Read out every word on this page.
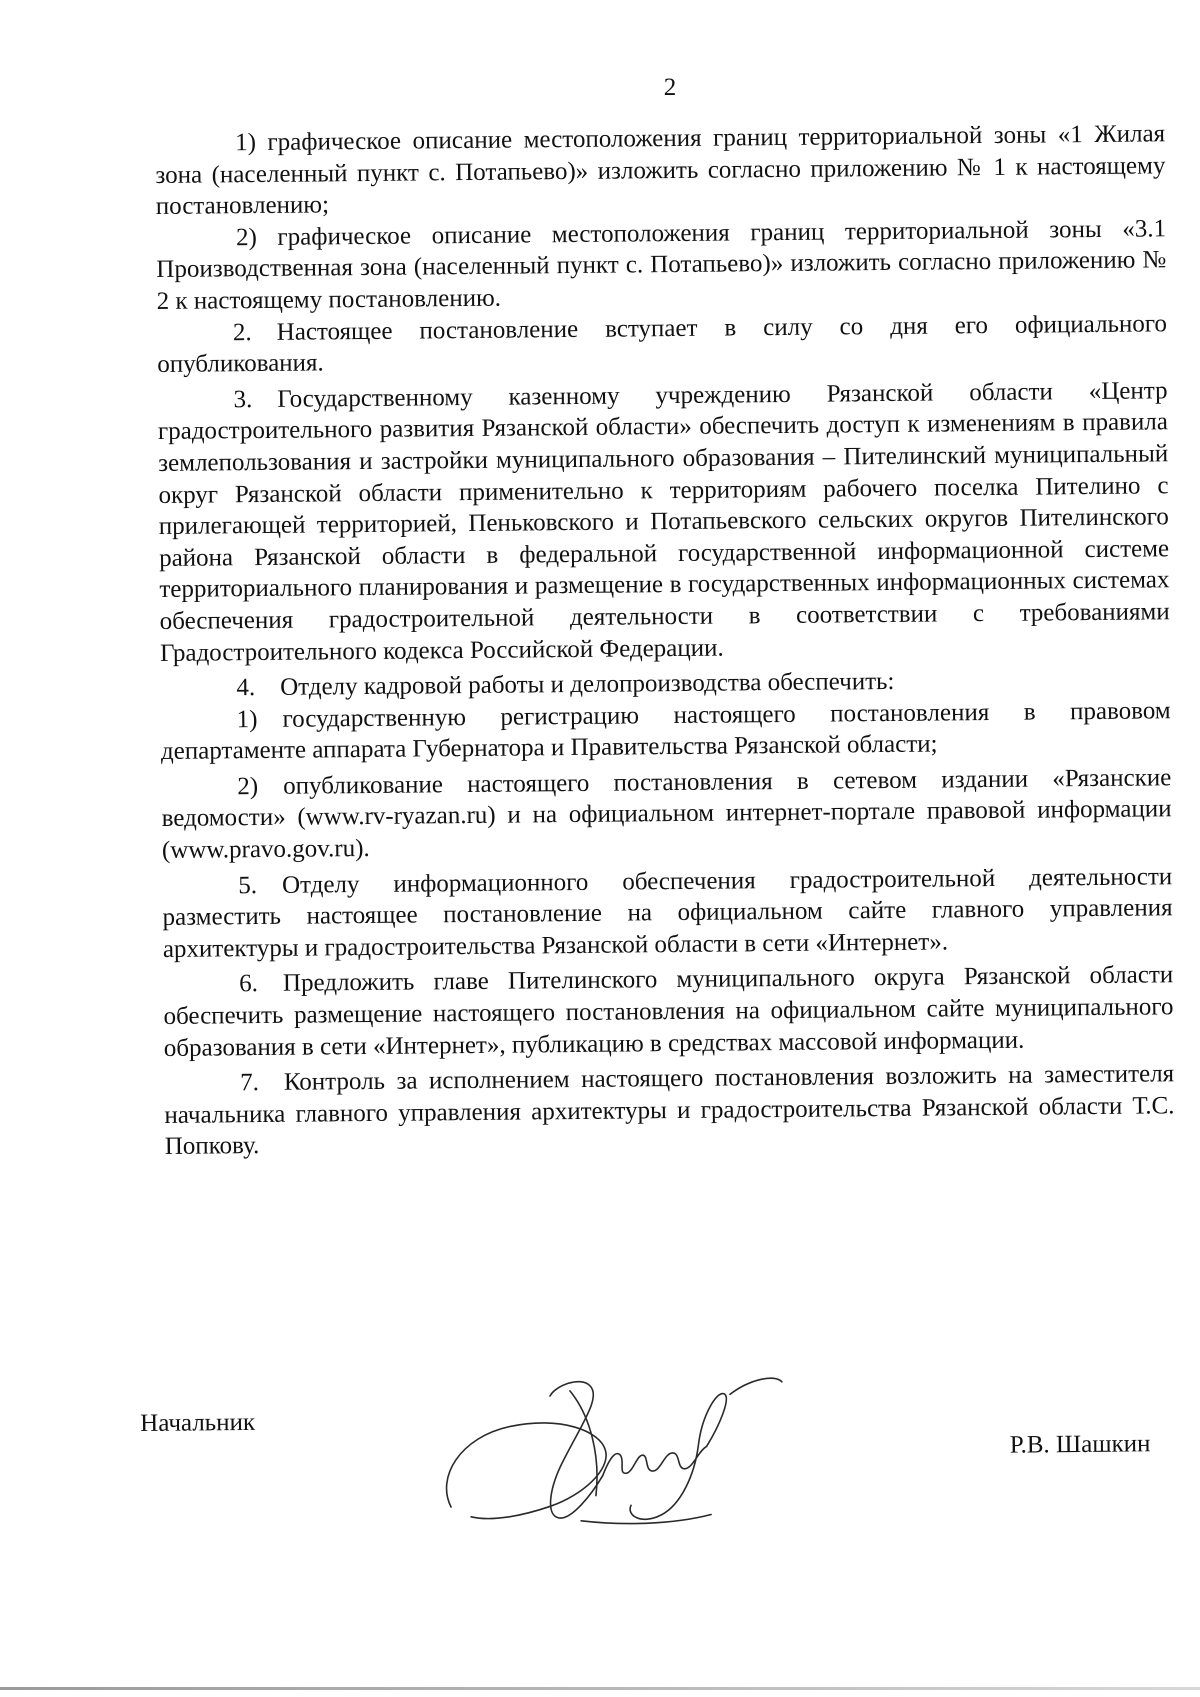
2

1) графическое описание местоположения границ территориальной зоны «1 Жилая зона (населенный пункт с. Потапьево)» изложить согласно приложению № 1 к настоящему постановлению;

2) графическое описание местоположения границ территориальной зоны «3.1 Производственная зона (населенный пункт с. Потапьево)» изложить согласно приложению № 2 к настоящему постановлению.

2. Настоящее постановление вступает в силу со дня его официального опубликования.

3. Государственному казенному учреждению Рязанской области «Центр градостроительного развития Рязанской области» обеспечить доступ к изменениям в правила землепользования и застройки муниципального образования – Пителинский муниципальный округ Рязанской области применительно к территориям рабочего поселка Пителино с прилегающей территорией, Пеньковского и Потапьевского сельских округов Пителинского района Рязанской области в федеральной государственной информационной системе территориального планирования и размещение в государственных информационных системах обеспечения градостроительной деятельности в соответствии с требованиями Градостроительного кодекса Российской Федерации.

4. Отделу кадровой работы и делопроизводства обеспечить:

1) государственную регистрацию настоящего постановления в правовом департаменте аппарата Губернатора и Правительства Рязанской области;

2) опубликование настоящего постановления в сетевом издании «Рязанские ведомости» (www.rv-ryazan.ru) и на официальном интернет-портале правовой информации (www.pravo.gov.ru).

5. Отделу информационного обеспечения градостроительной деятельности разместить настоящее постановление на официальном сайте главного управления архитектуры и градостроительства Рязанской области в сети «Интернет».

6. Предложить главе Пителинского муниципального округа Рязанской области обеспечить размещение настоящего постановления на официальном сайте муниципального образования в сети «Интернет», публикацию в средствах массовой информации.

7. Контроль за исполнением настоящего постановления возложить на заместителя начальника главного управления архитектуры и градостроительства Рязанской области Т.С. Попкову.

Начальник
Р.В. Шашкин
